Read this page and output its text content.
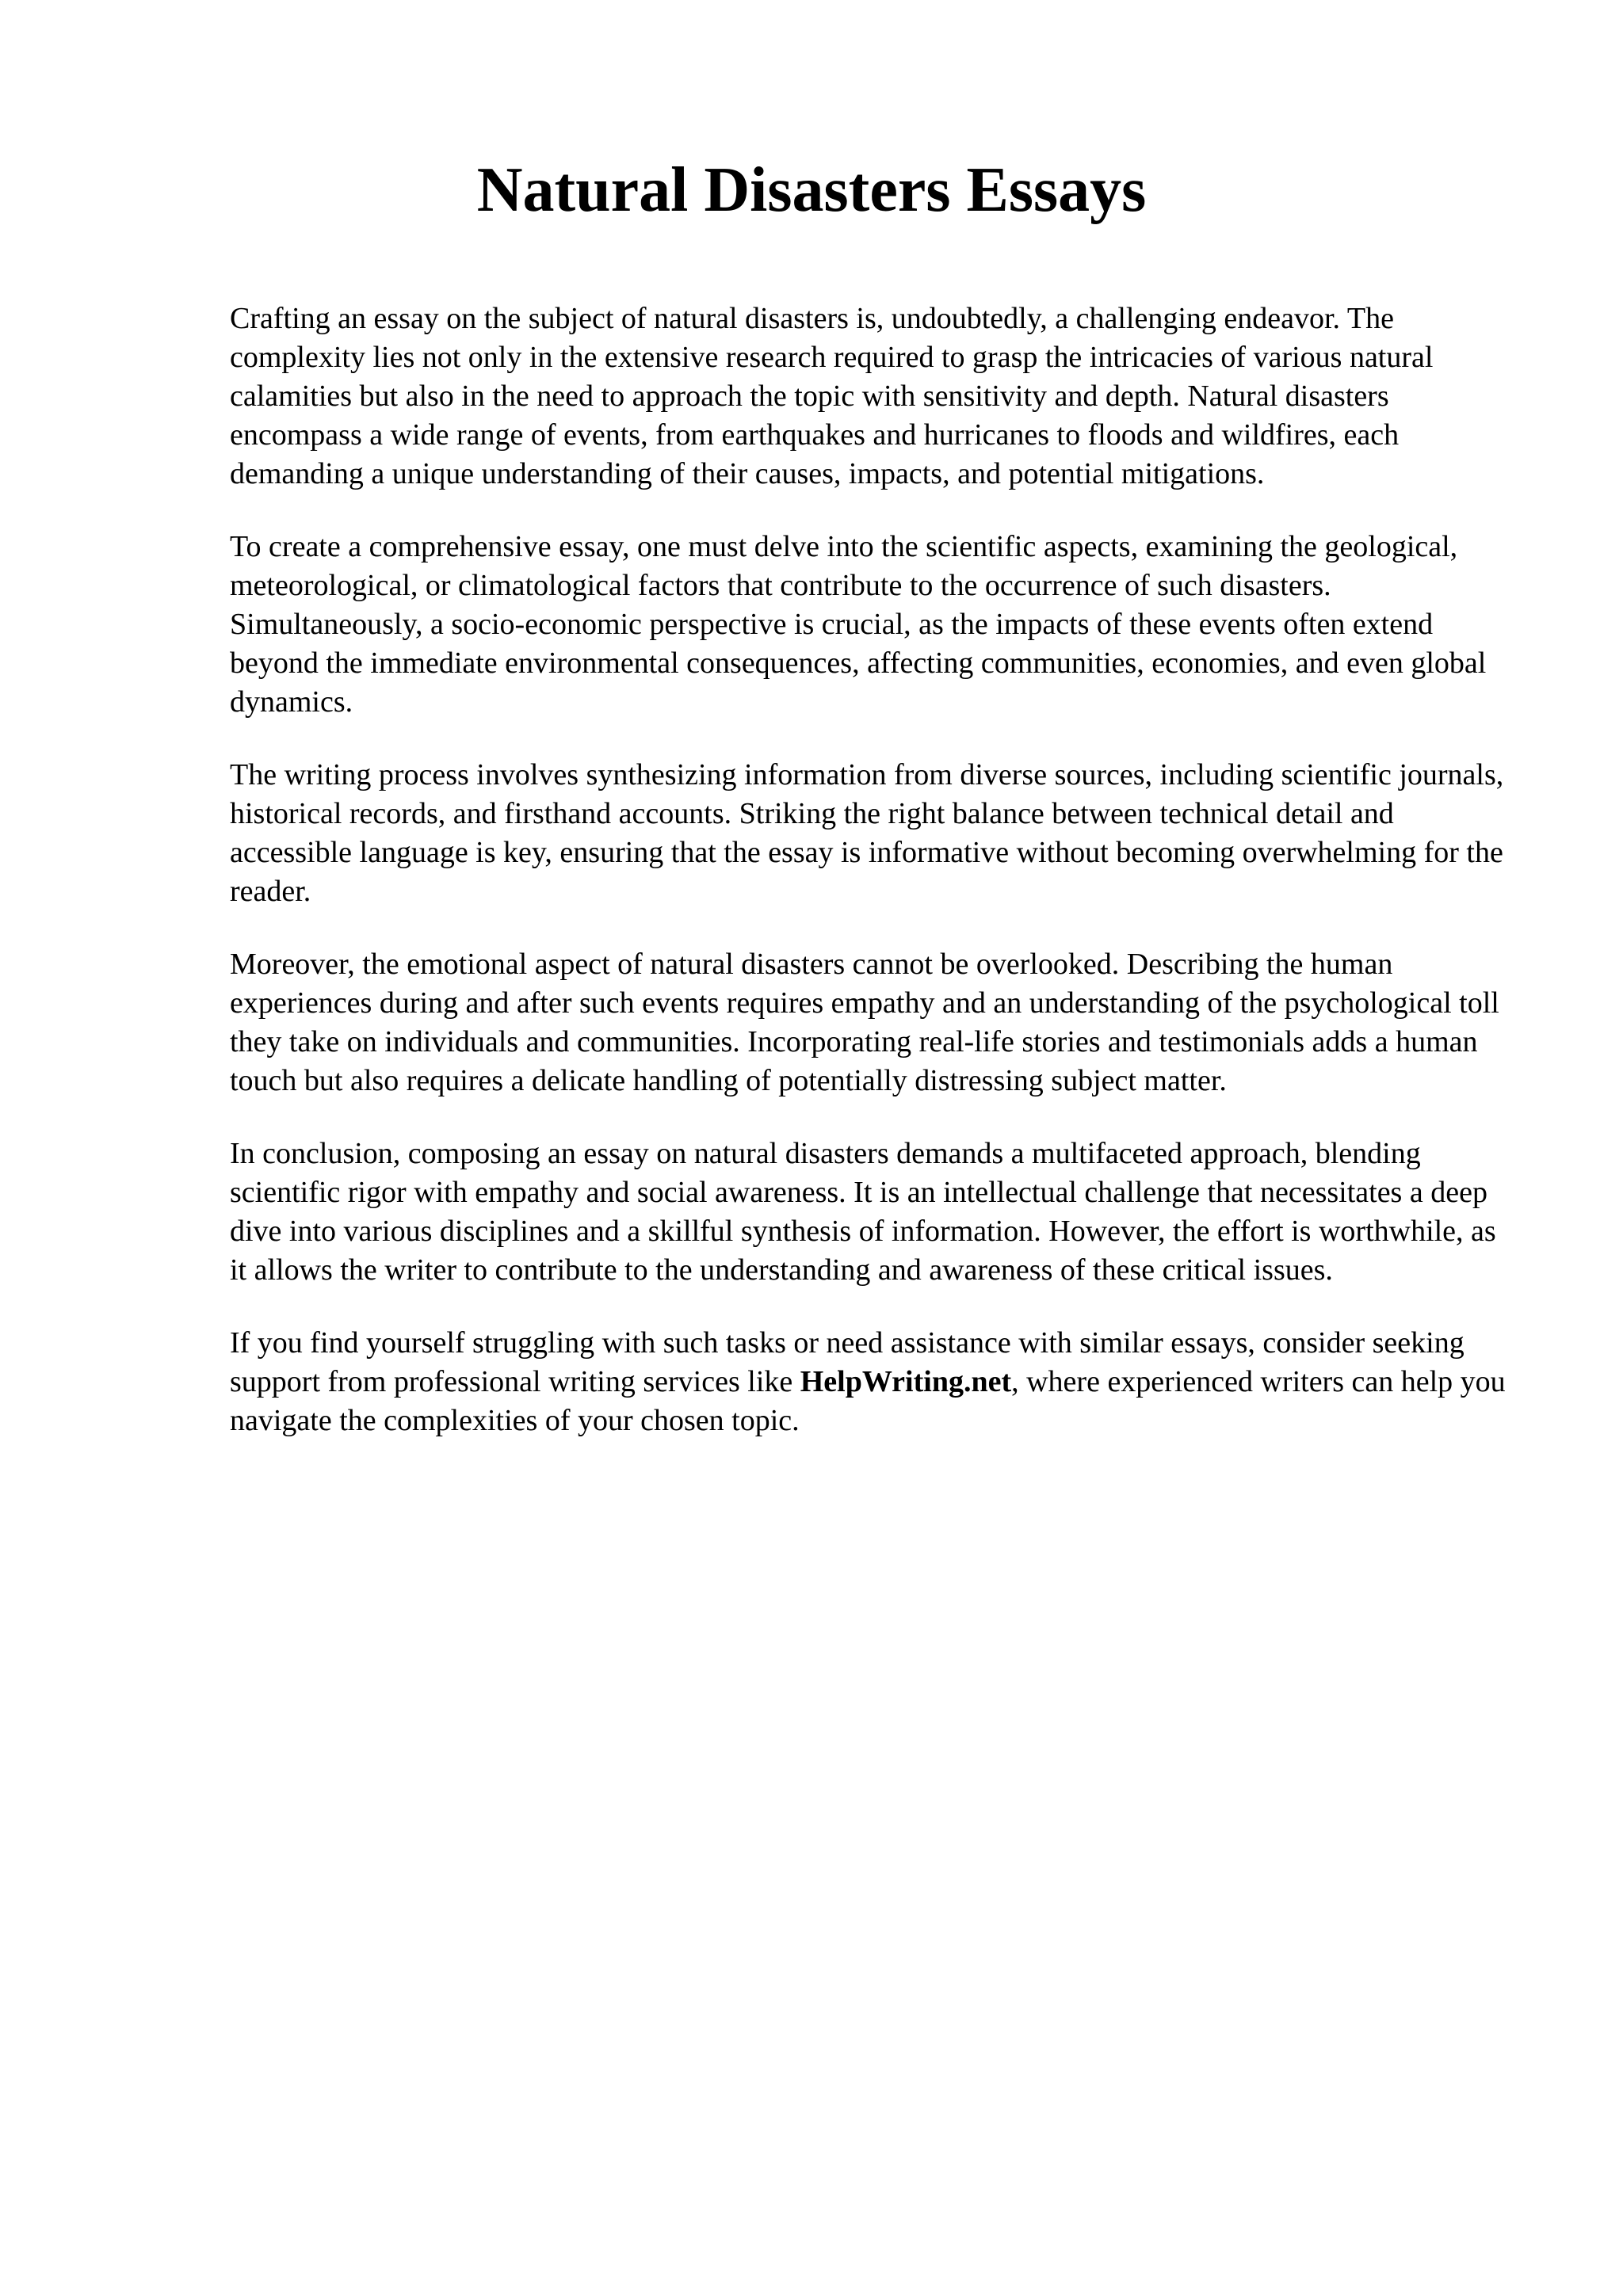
Natural Disasters Essays

Crafting an essay on the subject of natural disasters is, undoubtedly, a challenging endeavor. The complexity lies not only in the extensive research required to grasp the intricacies of various natural calamities but also in the need to approach the topic with sensitivity and depth. Natural disasters encompass a wide range of events, from earthquakes and hurricanes to floods and wildfires, each demanding a unique understanding of their causes, impacts, and potential mitigations.

To create a comprehensive essay, one must delve into the scientific aspects, examining the geological, meteorological, or climatological factors that contribute to the occurrence of such disasters. Simultaneously, a socio-economic perspective is crucial, as the impacts of these events often extend beyond the immediate environmental consequences, affecting communities, economies, and even global dynamics.

The writing process involves synthesizing information from diverse sources, including scientific journals, historical records, and firsthand accounts. Striking the right balance between technical detail and accessible language is key, ensuring that the essay is informative without becoming overwhelming for the reader.

Moreover, the emotional aspect of natural disasters cannot be overlooked. Describing the human experiences during and after such events requires empathy and an understanding of the psychological toll they take on individuals and communities. Incorporating real-life stories and testimonials adds a human touch but also requires a delicate handling of potentially distressing subject matter.

In conclusion, composing an essay on natural disasters demands a multifaceted approach, blending scientific rigor with empathy and social awareness. It is an intellectual challenge that necessitates a deep dive into various disciplines and a skillful synthesis of information. However, the effort is worthwhile, as it allows the writer to contribute to the understanding and awareness of these critical issues.

If you find yourself struggling with such tasks or need assistance with similar essays, consider seeking support from professional writing services like HelpWriting.net, where experienced writers can help you navigate the complexities of your chosen topic.
